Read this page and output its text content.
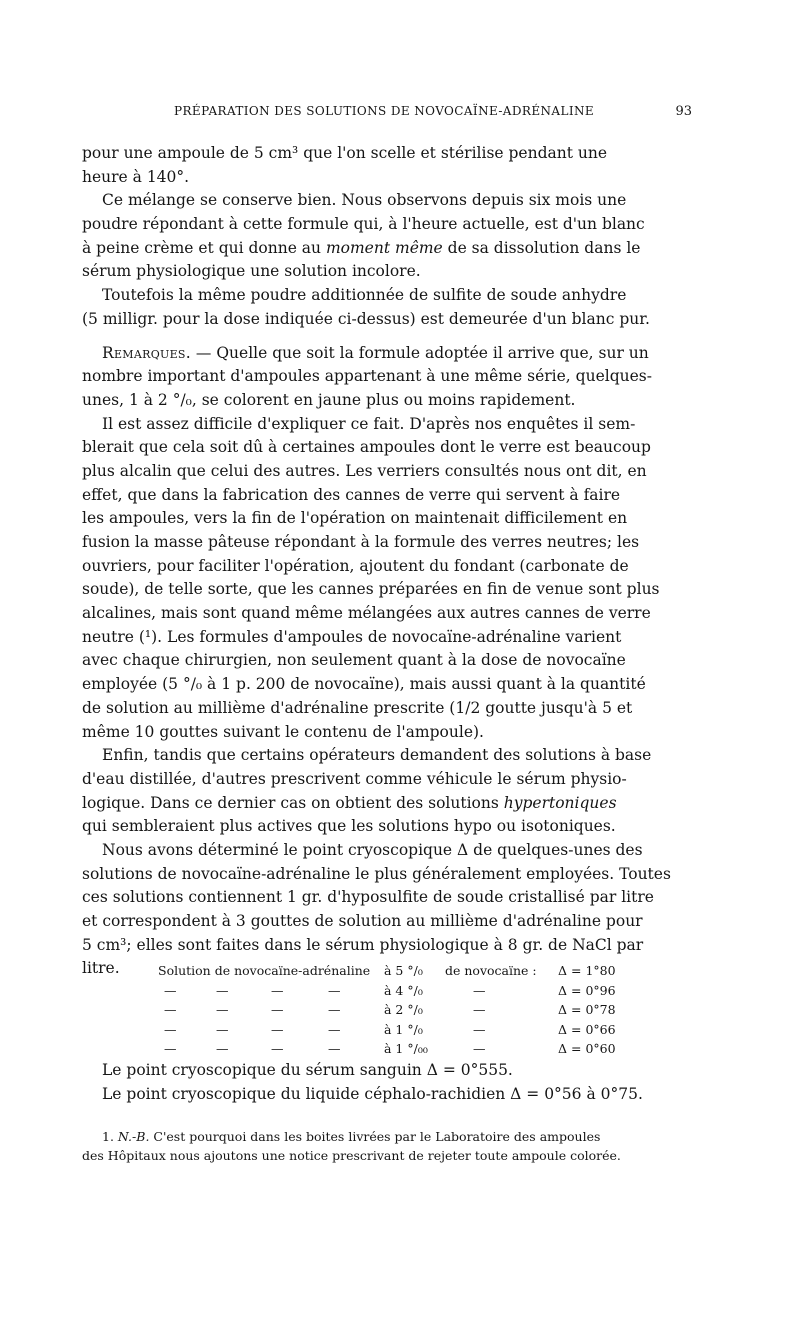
PRÉPARATION DES SOLUTIONS DE NOVOCAÏNE-ADRÉNALINE	93
pour une ampoule de 5 cm³ que l'on scelle et stérilise pendant une
heure à 140°.
Ce mélange se conserve bien. Nous observons depuis six mois une
poudre répondant à cette formule qui, à l'heure actuelle, est d'un blanc
à peine crème et qui donne au moment même de sa dissolution dans le
sérum physiologique une solution incolore.
Toutefois la même poudre additionnée de sulfite de soude anhydre
(5 milligr. pour la dose indiquée ci-dessus) est demeurée d'un blanc pur.
Remarques. — Quelle que soit la formule adoptée il arrive que, sur un
nombre important d'ampoules appartenant à une même série, quelques-
unes, 1 à 2 °/₀, se colorent en jaune plus ou moins rapidement.
Il est assez difficile d'expliquer ce fait. D'après nos enquêtes il sem-
blerait que cela soit dû à certaines ampoules dont le verre est beaucoup
plus alcalin que celui des autres. Les verriers consultés nous ont dit, en
effet, que dans la fabrication des cannes de verre qui servent à faire
les ampoules, vers la fin de l'opération on maintenait difficilement en
fusion la masse pâteuse répondant à la formule des verres neutres; les
ouvriers, pour faciliter l'opération, ajoutent du fondant (carbonate de
soude), de telle sorte, que les cannes préparées en fin de venue sont plus
alcalines, mais sont quand même mélangées aux autres cannes de verre
neutre (¹). Les formules d'ampoules de novocaïne-adrénaline varient
avec chaque chirurgien, non seulement quant à la dose de novocaïne
employée (5 °/₀ à 1 p. 200 de novocaïne), mais aussi quant à la quantité
de solution au millième d'adrénaline prescrite (1/2 goutte jusqu'à 5 et
même 10 gouttes suivant le contenu de l'ampoule).
Enfin, tandis que certains opérateurs demandent des solutions à base
d'eau distillée, d'autres prescrivent comme véhicule le sérum physio-
logique. Dans ce dernier cas on obtient des solutions hypertoniques
qui sembleraient plus actives que les solutions hypo ou isotoniques.
Nous avons déterminé le point cryoscopique Δ de quelques-unes des
solutions de novocaïne-adrénaline le plus généralement employées. Toutes
ces solutions contiennent 1 gr. d'hyposulfite de soude cristallisé par litre
et correspondent à 3 gouttes de solution au millième d'adrénaline pour
5 cm³; elles sont faites dans le sérum physiologique à 8 gr. de NaCl par
litre.	Solution de novocaïne-adrénaline à 5 °/₀ de novocaïne : Δ = 1°80
—	—	—	—	à 4 °/₀	—	Δ = 0°96
—	—	—	—	à 2 °/₀	—	Δ = 0°78
—	—	—	—	à 1 °/₀	—	Δ = 0°66
—	—	—	—	à 1 °/₀₀	—	Δ = 0°60
Le point cryoscopique du sérum sanguin Δ = 0°555.
Le point cryoscopique du liquide céphalo-rachidien Δ = 0°56 à 0°75.
1. N.-B. C'est pourquoi dans les boites livrées par le Laboratoire des ampoules
des Hôpitaux nous ajoutons une notice prescrivant de rejeter toute ampoule colorée.
